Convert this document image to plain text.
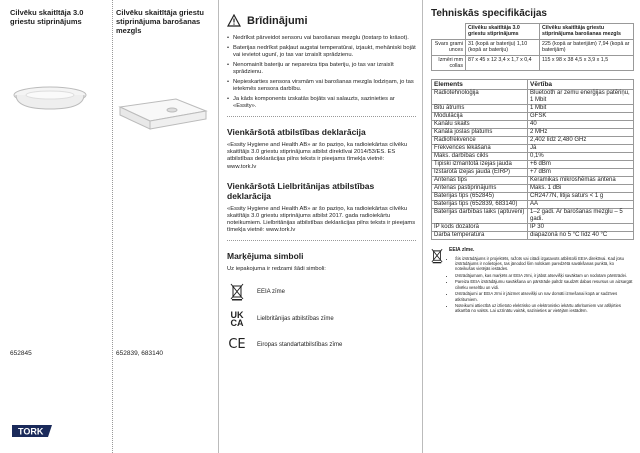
Cilvēku skaitītāja 3.0 griestu stiprinājums
652845
Cilvēku skaitītāja griestu stiprinājuma barošanas mezgls
652839, 683140
Brīdinājumi
• Nedrīkst pārveidot sensoru vai barošanas mezglu (tostarp to krāsot).
• Baterijas nedrīkst pakļaut augstai temperatūrai, izjaukt, mehāniski bojāt vai ievietot ugunī, jo tas var izraisīt sprādzienu.
• Nenomainīt bateriju ar nepareiza tipa bateriju, jo tas var izraisīt sprādzienu.
• Nepieskarties sensora virsmām vai barošanas mezgla lodziņam, jo tas ietekmēs sensora darbību.
• Ja kāds komponents izskatās bojāts vai salauzts, sazinieties ar «Essity».
Vienkāršotā atbilstības deklarācija

«Essity Hygiene and Health AB» ar šo paziņo, ka radioiekārtas cilvēku skaitītājs 3.0 griestu stiprinājums atbilst direktīvai 2014/53/ES. ES atbilstības deklarācijas pilns teksts ir pieejams tīmekļa vietnē:

www.tork.lv

Vienkāršotā Lielbritānijas atbilstības deklarācija

«Essity Hygiene and Health AB» ar šo paziņo, ka radioiekārtas cilvēku skaitītājs 3.0 griestu stiprinājums atbilst 2017. gada radioiekārtu noteikumiem. Lielbritānijas atbilstības deklarācijas pilns teksts ir pieejams tīmekļa vietnē: www.tork.lv

Marķējuma simboli

Uz iepakojuma ir redzami šādi simboli:

EEIA zīme
UK
CA Lielbritānijas atbilstības zīme
CE Eiropas standartatbilstības zīme
Tehniskās specifikācijas
	Cilvēku skaitītāja 3.0 griestu stiprinājums	Cilvēku skaitītāja griestu stiprinājuma barošanas mezgls
Svars grami unces	31 (kopā ar bateriju) 1,10 (kopā ar bateriju)	225 (kopā ar baterijām) 7,94 (kopā ar baterijām)
Izmēri mm collas	87 x 45 x 12 3,4 x 1,7 x 0,4	115 x 98 x 38 4,5 x 3,9 x 1,5
Elements	Vērtība
Radiotehnoloģija	Bluetooth ar zemu enerģijas patēriņu, 1 Mbit
Bitu ātrums	1 Mbit
Modulācija	GFSK
Kanālu skaits	40
Kanāla joslas platums	2 MHz
Radiofrekvence	2,402 līdz 2,480 GHz
Frekvences lēkāšana	Jā
Maks. darbības cikls	0,1%
Tipiski izmantotā izejas jauda	+6 dBm
Izstarotā izejas jauda (EIRP)	+7 dBm
Antenas tips	Keramikas mikroshēmas antena
Antenas pastiprinājums	Maks. 1 dBi
Baterijas tips (652845)	CR2477N, litija saturs < 1 g
Baterijas tips (652839, 683140)	AA
Baterijas darbības laiks (aptuveni)	1–2 gadi. Ar barošanas mezglu – 5 gadi.
IP kods dozatorā	IP 30
Darba temperatūra	diapazonā no 5 °C līdz 40 °C
EEIA zīme.
• Šis izstrādājums ir projektēts, ražots vai citādi izgatavots atbilstoši EEIA direktīvai. Kad jūsu izstrādājums ir nolietojies, tas jānodod šim nolūkam paredzētā savākšanas punktā, ko noteikušas vietējās iestādes.
• Izstrādājumam, kas marķēts ar EEIA zīmi, ir jābūt atsevišķi savāktam un nodotam pārstrādei.
• Pareiza EEIA izstrādājumu savākšana un pārstrāde palīdz saudzēt dabas resursus un aizsargāt cilvēku veselību un vidi.
• Izstrādājumi ar EEIA zīmi ir jāizmet atsevišķi un nav domāti izmešanai kopā ar sadzīves atkritumiem.
• Noteikumi attiecībā uz izlietoto elektrisko un elektronisko iekārtu atkritumiem var atšķirties atkarībā no valsts. Lai uzzinātu vairāk, sazinieties ar vietējām iestādēm.
TORK
